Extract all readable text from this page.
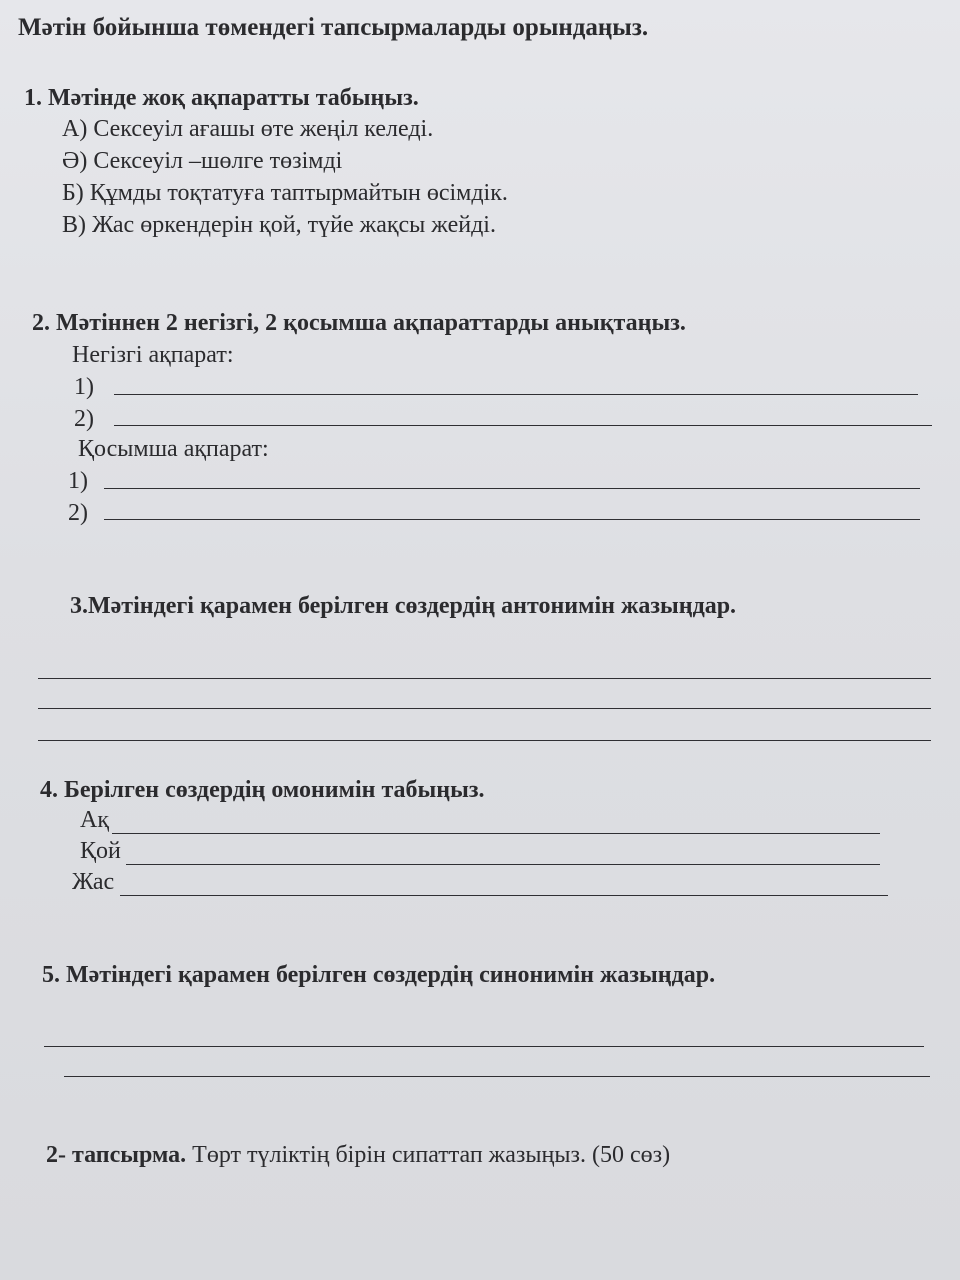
Мәтін бойынша төмендегі тапсырмаларды орындаңыз.
1. Мәтінде жоқ ақпаратты табыңыз.
А) Сексеуіл ағашы өте жеңіл келеді.
Ә) Сексеуіл –шөлге төзімді
Б) Құмды тоқтатуға таптырмайтын өсімдік.
В) Жас өркендерін қой, түйе жақсы жейді.
2. Мәтіннен 2 негізгі, 2 қосымша ақпараттарды анықтаңыз.
Негізгі ақпарат:
1)
2)
Қосымша ақпарат:
1)
2)
3.Мәтіндегі қарамен берілген сөздердің антонимін жазыңдар.
4. Берілген сөздердің омонимін табыңыз.
Ақ
Қой
Жас
5. Мәтіндегі қарамен берілген сөздердің синонимін жазыңдар.
2- тапсырма. Төрт түліктің бірін сипаттап жазыңыз. (50 сөз)
